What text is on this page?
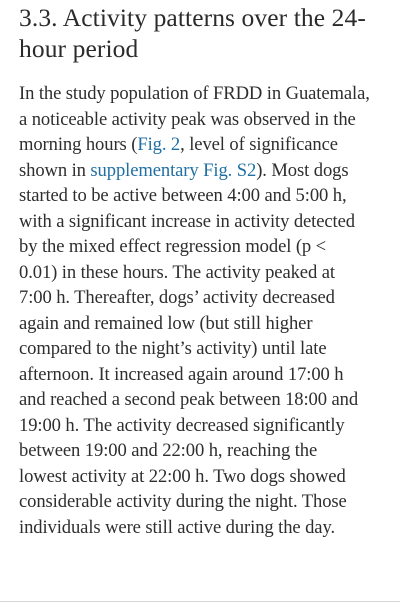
3.3. Activity patterns over the 24-
hour period

In the study population of FRDD in Guatemala,
a noticeable activity peak was observed in the
morning hours (Fig. 2, level of significance
shown in supplementary Fig. S2). Most dogs
started to be active between 4:00 and 5:00 h,
with a significant increase in activity detected
by the mixed effect regression model (p <
0.01) in these hours. The activity peaked at
7:00 h. Thereafter, dogs’ activity decreased
again and remained low (but still higher
compared to the night’s activity) until late
afternoon. It increased again around 17:00 h
and reached a second peak between 18:00 and
19:00 h. The activity decreased significantly
between 19:00 and 22:00 h, reaching the
lowest activity at 22:00 h. Two dogs showed
considerable activity during the night. Those
individuals were still active during the day.
